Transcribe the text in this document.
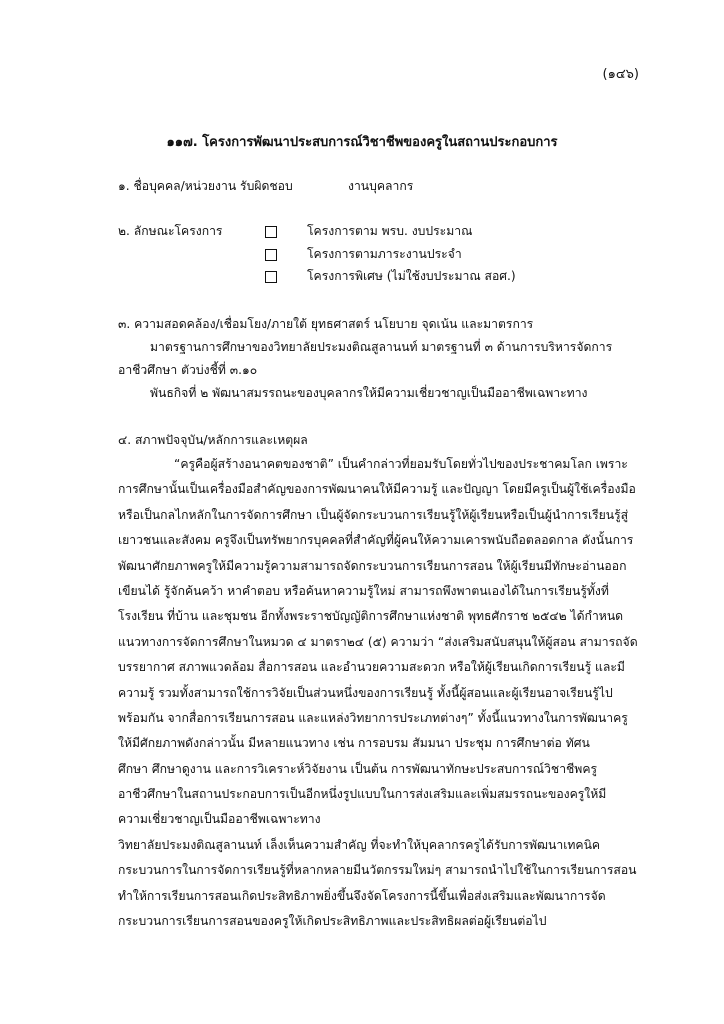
(๑๔๖)
๑๑๗. โครงการพัฒนาประสบการณ์วิชาชีพของครูในสถานประกอบการ
๑. ชื่อบุคคล/หน่วยงาน รับผิดชอบ	งานบุคลากร
๒. ลักษณะโครงการ	โครงการตาม พรบ. งบประมาณ
โครงการตามภาระงานประจำ
โครงการพิเศษ (ไม่ใช้งบประมาณ สอศ.)
๓. ความสอดคล้อง/เชื่อมโยง/ภายใต้ ยุทธศาสตร์ นโยบาย จุดเน้น และมาตรการ
มาตรฐานการศึกษาของวิทยาลัยประมงติณสูลานนท์ มาตรฐานที่ ๓ ด้านการบริหารจัดการ
อาชีวศึกษา ตัวบ่งชี้ที่ ๓.๑๐
พันธกิจที่ ๒ พัฒนาสมรรถนะของบุคลากรให้มีความเชี่ยวชาญเป็นมืออาชีพเฉพาะทาง
๔. สภาพปัจจุบัน/หลักการและเหตุผล
“ครูคือผู้สร้างอนาคตของชาติ” เป็นคำกล่าวที่ยอมรับโดยทั่วไปของประชาคมโลก เพราะ
การศึกษานั้นเป็นเครื่องมือสำคัญของการพัฒนาคนให้มีความรู้ และปัญญา โดยมีครูเป็นผู้ใช้เครื่องมือ
หรือเป็นกลไกหลักในการจัดการศึกษา เป็นผู้จัดกระบวนการเรียนรู้ให้ผู้เรียนหรือเป็นผู้นำการเรียนรู้สู่
เยาวชนและสังคม ครูจึงเป็นทรัพยากรบุคคลที่สำคัญที่ผู้คนให้ความเคารพนับถือตลอดกาล ดังนั้นการ
พัฒนาศักยภาพครูให้มีความรู้ความสามารถจัดกระบวนการเรียนการสอน ให้ผู้เรียนมีทักษะอ่านออก
เขียนได้ รู้จักค้นคว้า หาคำตอบ หรือค้นหาความรู้ใหม่ สามารถพึงพาตนเองได้ในการเรียนรู้ทั้งที่
โรงเรียน ที่บ้าน และชุมชน อีกทั้งพระราชบัญญัติการศึกษาแห่งชาติ พุทธศักราช ๒๕๔๒ ได้กำหนด
แนวทางการจัดการศึกษาในหมวด ๔ มาตรา๒๔ (๕) ความว่า “ส่งเสริมสนับสนุนให้ผู้สอน สามารถจัด
บรรยากาศ สภาพแวดล้อม สื่อการสอน และอำนวยความสะดวก หรือให้ผู้เรียนเกิดการเรียนรู้ และมี
ความรู้ รวมทั้งสามารถใช้การวิจัยเป็นส่วนหนึ่งของการเรียนรู้ ทั้งนี้ผู้สอนและผู้เรียนอาจเรียนรู้ไป
พร้อมกัน จากสื่อการเรียนการสอน และแหล่งวิทยาการประเภทต่างๆ” ทั้งนี้แนวทางในการพัฒนาครู
ให้มีศักยภาพดังกล่าวนั้น มีหลายแนวทาง เช่น การอบรม สัมมนา ประชุม การศึกษาต่อ ทัศน
ศึกษา ศึกษาดูงาน และการวิเคราะห์วิจัยงาน เป็นต้น การพัฒนาทักษะประสบการณ์วิชาชีพครู
อาชีวศึกษาในสถานประกอบการเป็นอีกหนึ่งรูปแบบในการส่งเสริมและเพิ่มสมรรถนะของครูให้มี
ความเชี่ยวชาญเป็นมืออาชีพเฉพาะทาง
วิทยาลัยประมงติณสูลานนท์ เล็งเห็นความสำคัญ ที่จะทำให้บุคลากรครูได้รับการพัฒนาเทคนิค
กระบวนการในการจัดการเรียนรู้ที่หลากหลายมีนวัตกรรมใหม่ๆ สามารถนำไปใช้ในการเรียนการสอน
ทำให้การเรียนการสอนเกิดประสิทธิภาพยิ่งขึ้นจึงจัดโครงการนี้ขึ้นเพื่อส่งเสริมและพัฒนาการจัด
กระบวนการเรียนการสอนของครูให้เกิดประสิทธิภาพและประสิทธิผลต่อผู้เรียนต่อไป
